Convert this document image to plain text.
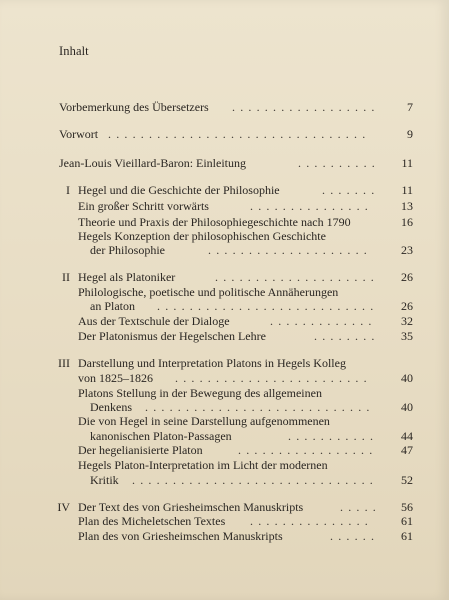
Inhalt
Vorbemerkung des Übersetzers ..................	7
Vorwort ................................	9
Jean-Louis Vieillard-Baron: Einleitung	..........	11
I Hegel und die Geschichte der Philosophie	.......	11
Ein großer Schritt vorwärts	...............	13
Theorie und Praxis der Philosophiegeschichte nach 1790	16
Hegels Konzeption der philosophischen Geschichte
der Philosophie	....................	23
II Hegel als Platoniker	....................	26
Philologische, poetische und politische Annäherungen
an Platon ...........................	26
Aus der Textschule der Dialoge	.............	32
Der Platonismus der Hegelschen Lehre	........	35
III Darstellung und Interpretation Platons in Hegels Kolleg
von 1825–1826 ........................	40
Platons Stellung in der Bewegung des allgemeinen
Denkens ............................	40
Die von Hegel in seine Darstellung aufgenommenen
kanonischen Platon-Passagen	...........	44
Der hegelianisierte Platon	.................	47
Hegels Platon-Interpretation im Licht der modernen
Kritik ..............................	52
IV Der Text des von Griesheimschen Manuskripts	.....	56
Plan des Micheletschen Textes ...............	61
Plan des von Griesheimschen Manuskripts	......	61
